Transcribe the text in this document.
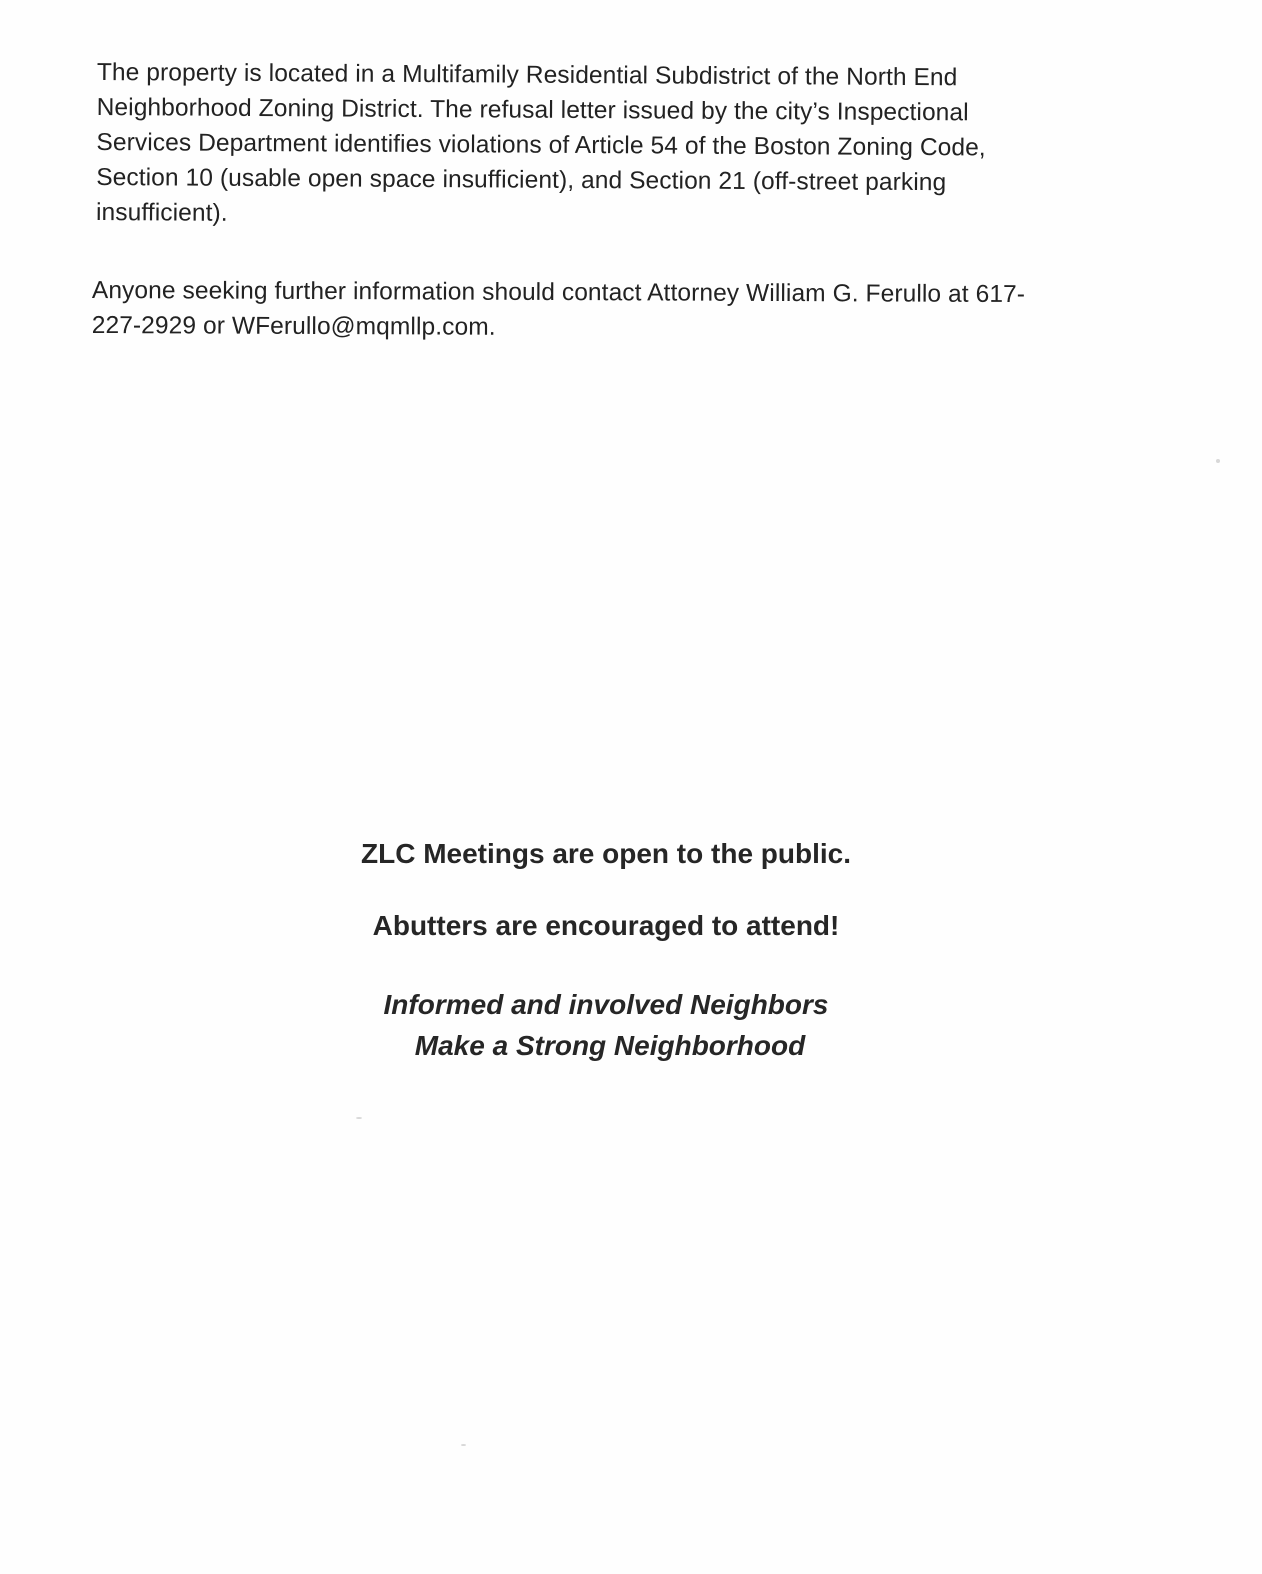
The property is located in a Multifamily Residential Subdistrict of the North End
Neighborhood Zoning District. The refusal letter issued by the city’s Inspectional
Services Department identifies violations of Article 54 of the Boston Zoning Code,
Section 10 (usable open space insufficient), and Section 21 (off-street parking
insufficient).

Anyone seeking further information should contact Attorney William G. Ferullo at 617-
227-2929 or WFerullo@mqmllp.com.

ZLC Meetings are open to the public.

Abutters are encouraged to attend!

Informed and involved Neighbors
Make a Strong Neighborhood
